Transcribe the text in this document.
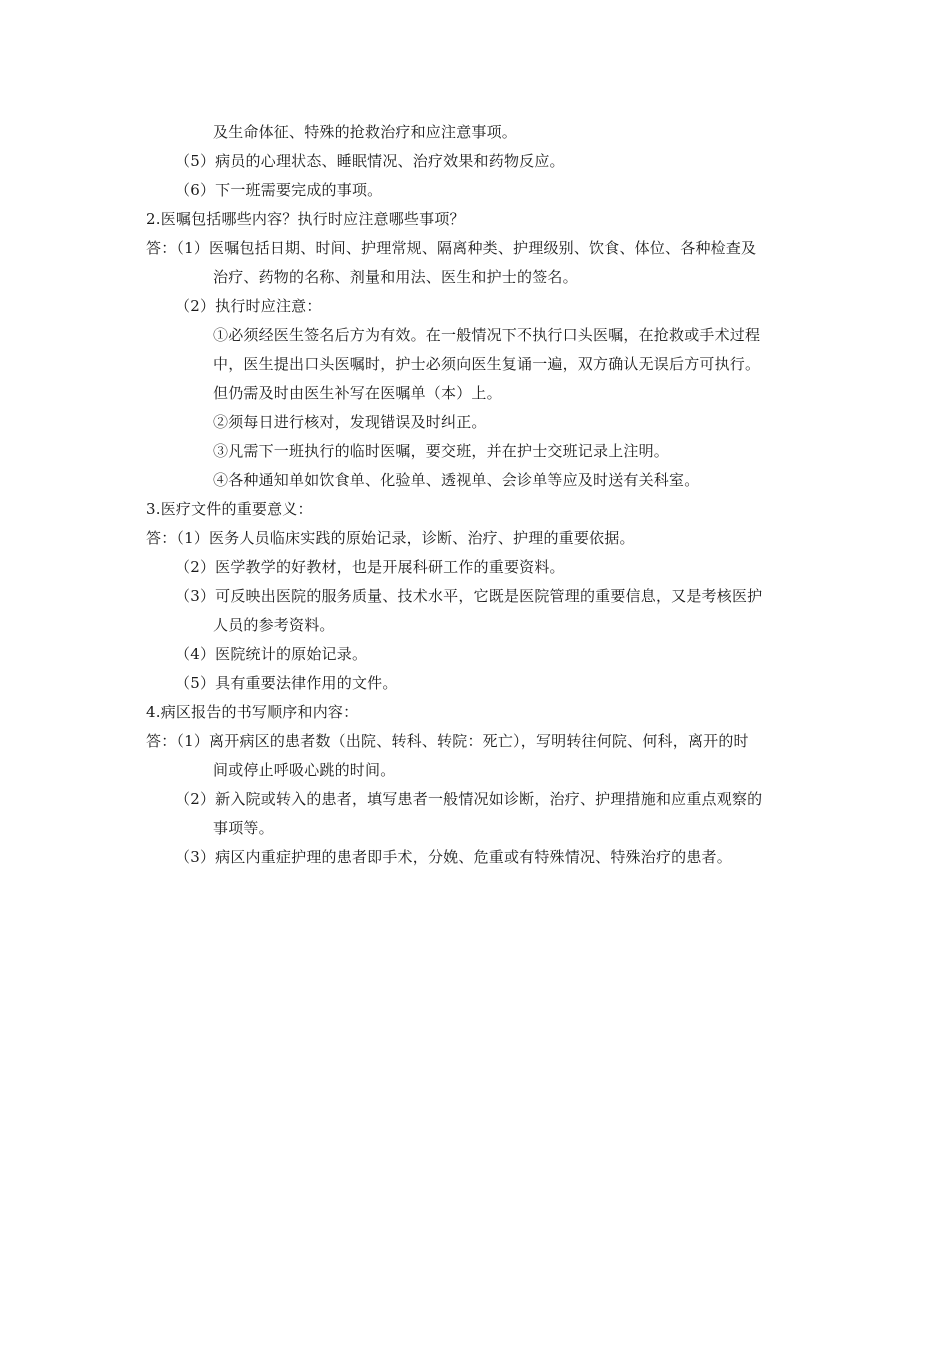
及生命体征、特殊的抢救治疗和应注意事项。
（5）病员的心理状态、睡眠情况、治疗效果和药物反应。
（6）下一班需要完成的事项。
2.医嘱包括哪些内容？执行时应注意哪些事项？
答：（1）医嘱包括日期、时间、护理常规、隔离种类、护理级别、饮食、体位、各种检查及
治疗、药物的名称、剂量和用法、医生和护士的签名。
（2）执行时应注意：
①必须经医生签名后方为有效。在一般情况下不执行口头医嘱，在抢救或手术过程
中，医生提出口头医嘱时，护士必须向医生复诵一遍，双方确认无误后方可执行。
但仍需及时由医生补写在医嘱单（本）上。
②须每日进行核对，发现错误及时纠正。
③凡需下一班执行的临时医嘱，要交班，并在护士交班记录上注明。
④各种通知单如饮食单、化验单、透视单、会诊单等应及时送有关科室。
3.医疗文件的重要意义：
答：（1）医务人员临床实践的原始记录，诊断、治疗、护理的重要依据。
（2）医学教学的好教材，也是开展科研工作的重要资料。
（3）可反映出医院的服务质量、技术水平，它既是医院管理的重要信息，又是考核医护
人员的参考资料。
（4）医院统计的原始记录。
（5）具有重要法律作用的文件。
4.病区报告的书写顺序和内容：
答：（1）离开病区的患者数（出院、转科、转院：死亡），写明转往何院、何科，离开的时
间或停止呼吸心跳的时间。
（2）新入院或转入的患者，填写患者一般情况如诊断，治疗、护理措施和应重点观察的
事项等。
（3）病区内重症护理的患者即手术，分娩、危重或有特殊情况、特殊治疗的患者。
